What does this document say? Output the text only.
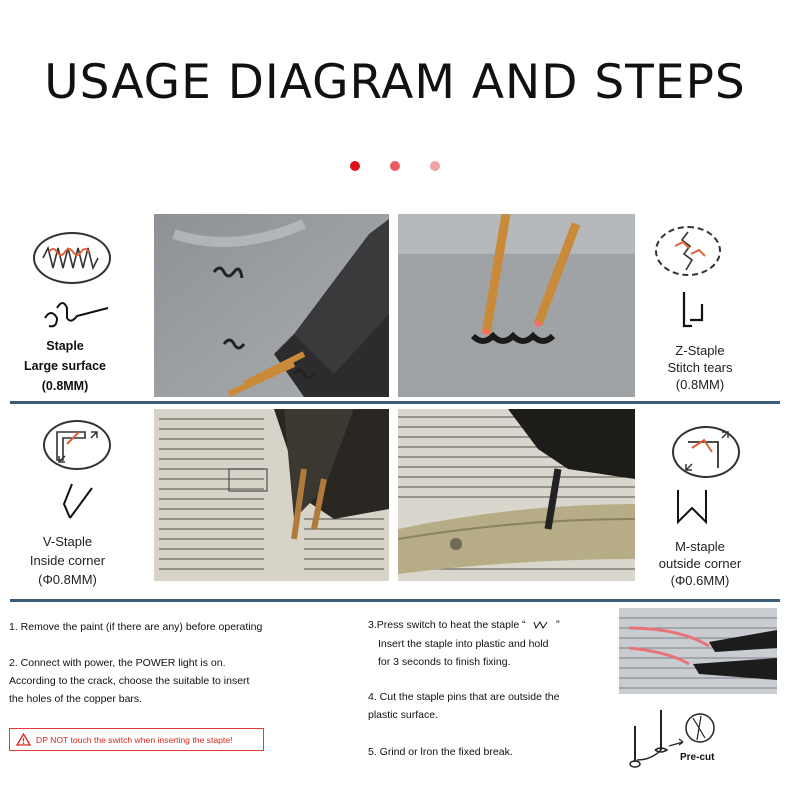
USAGE DIAGRAM AND STEPS
Staple
Large surface
(0.8MM)
Z-Staple
Stitch tears
(0.8MM)
V-Staple
Inside corner
(Φ0.8MM)
M-staple
outside corner
(Φ0.6MM)
1. Remove the paint (if there are any) before operating
2. Connect with power, the POWER light is on.
According to the crack, choose the suitable to insert
the holes of the copper bars.
DP NOT touch the switch when inserting the stapte!
3.Press switch to heat the staple “	”
Insert the staple into plastic and hold
for 3 seconds to finish fixing.
4. Cut the staple pins that are outside the
plastic surface.
5. Grind or lron the fixed break.	Pre-cut
